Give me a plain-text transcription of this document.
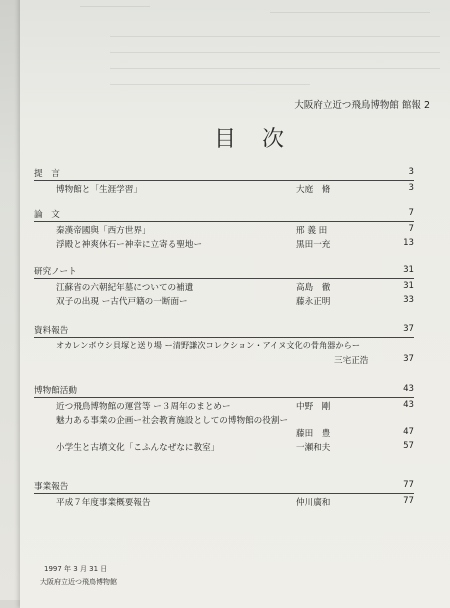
大阪府立近つ飛鳥博物館 館報 2
目次
提　言	3
博物館と「生涯学習」	大庭　脩	3
論　文	7
秦漢帝國與「西方世界」	邢 義 田	7
浮殿と神爽休石ー神幸に立寄る聖地ー	黒田一充	13
研究ノート	31
江蘇省の六朝紀年墓についての補遺	高島　徹	31
双子の出現 ー古代戸籍の一断面ー	藤永正明	33
資料報告	37
オカレンボウシ貝塚と送り場 ー清野謙次コレクション・アイヌ文化の骨角器からー
三宅正浩	37
博物館活動	43
近つ飛鳥博物館の運営等 ー３周年のまとめー	中野　剛	43
魅力ある事業の企画ー社会教育施設としての博物館の役割ー
藤田　豊	47
小学生と古墳文化「こふんなぜなに教室」	一瀬和夫	57
事業報告	77
平成７年度事業概要報告	仲川廣和	77
1997 年 3 月 31 日
大阪府立近つ飛鳥博物館
